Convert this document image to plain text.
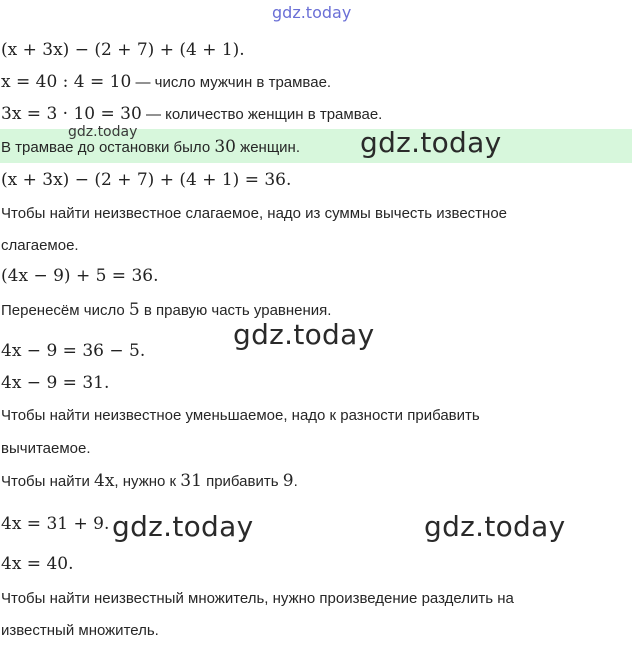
gdz.today
gdz.today	gdz.today
gdz.today
gdz.today	gdz.today
(x + 3x) − (2 + 7) + (4 + 1).
x = 40 : 4 = 10 — число мужчин в трамвае.
3x = 3 · 10 = 30 — количество женщин в трамвае.
В трамвае до остановки было 30 женщин.
(x + 3x) − (2 + 7) + (4 + 1) = 36.
Чтобы найти неизвестное слагаемое, надо из суммы вычесть известное
слагаемое.
(4x − 9) + 5 = 36.
Перенесём число 5 в правую часть уравнения.
4x − 9 = 36 − 5.
4x − 9 = 31.
Чтобы найти неизвестное уменьшаемое, надо к разности прибавить
вычитаемое.
Чтобы найти 4x, нужно к 31 прибавить 9.
4x = 31 + 9.
4x = 40.
Чтобы найти неизвестный множитель, нужно произведение разделить на
известный множитель.
